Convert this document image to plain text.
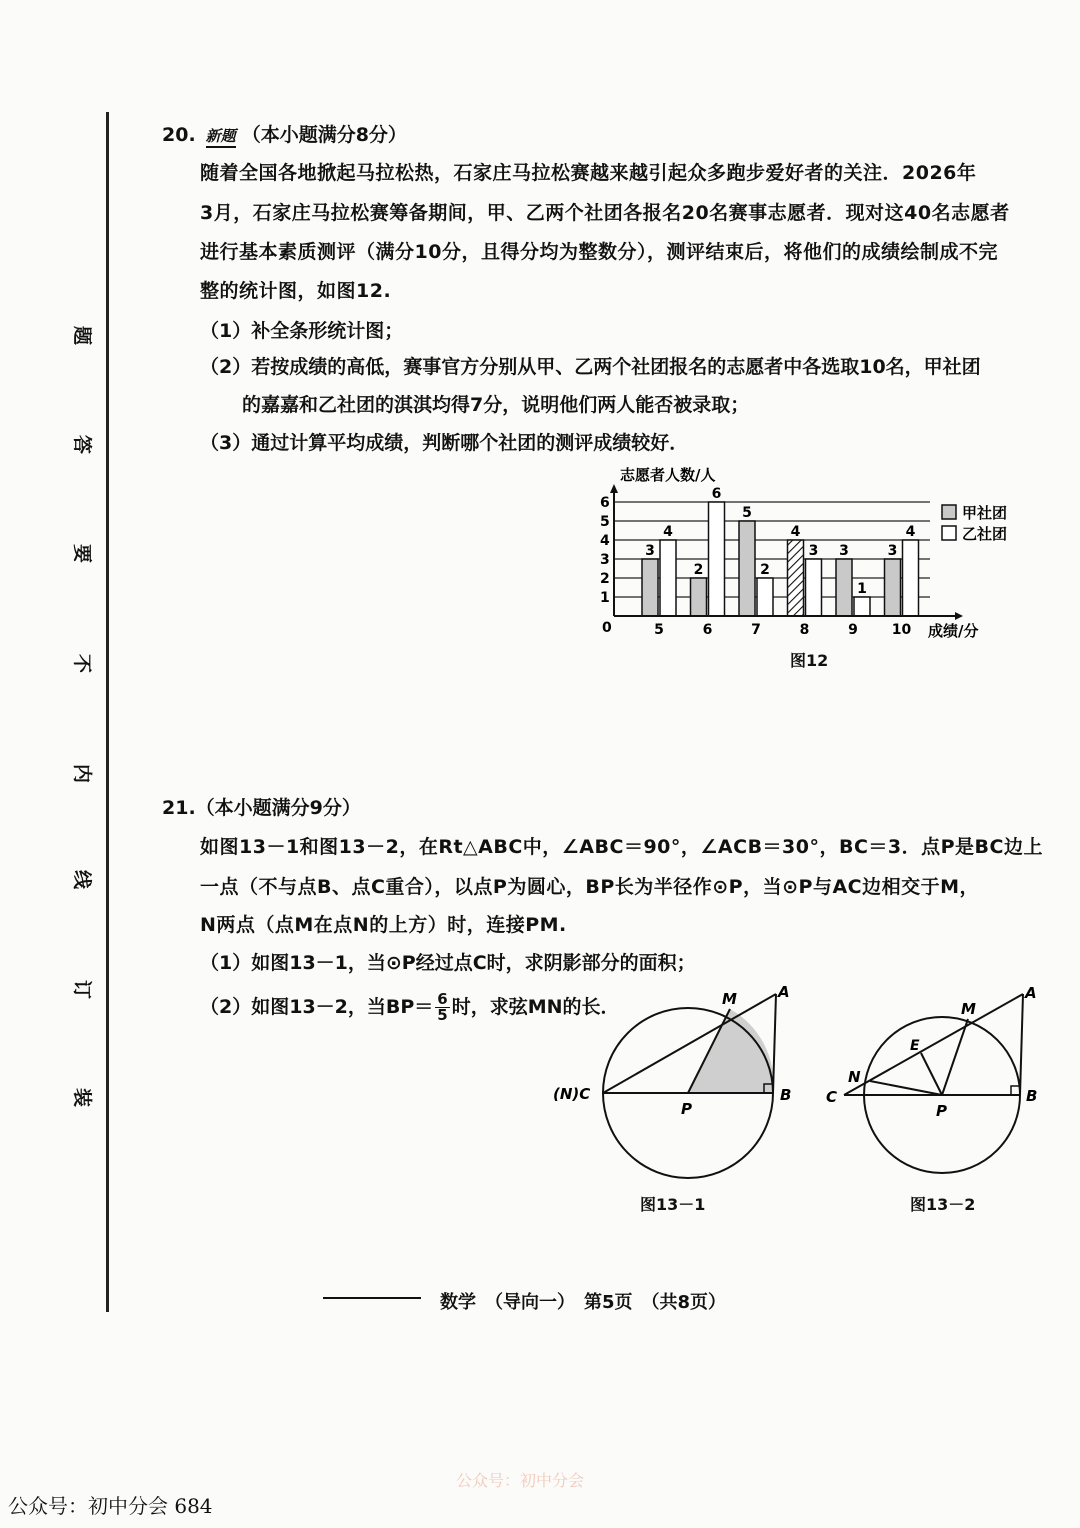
题
答
要
不
内
线
订
装
20. 新题 （本小题满分8分）
随着全国各地掀起马拉松热，石家庄马拉松赛越来越引起众多跑步爱好者的关注．2026年
3月，石家庄马拉松赛筹备期间，甲、乙两个社团各报名20名赛事志愿者．现对这40名志愿者
进行基本素质测评（满分10分，且得分均为整数分），测评结束后，将他们的成绩绘制成不完
整的统计图，如图12.
（1）补全条形统计图；
（2）若按成绩的高低，赛事官方分别从甲、乙两个社团报名的志愿者中各选取10名，甲社团
的嘉嘉和乙社团的淇淇均得7分，说明他们两人能否被录取；
（3）通过计算平均成绩，判断哪个社团的测评成绩较好．
3
4
2
6
5
2
4
3 3
1
3
4
1
2
3
4
5
6
5	6	7	8	9 10
志愿者人数/人
成绩/分
0
甲社团
乙社团
图12
21.（本小题满分9分）
如图13－1和图13－2，在Rt△ABC中，∠ABC＝90°，∠ACB＝30°，BC＝3．点P是BC边上
一点（不与点B、点C重合），以点P为圆心，BP长为半径作⊙P，当⊙P与AC边相交于M，
N两点（点M在点N的上方）时，连接PM.
（1）如图13－1，当⊙P经过点C时，求阴影部分的面积；
（2）如图13－2，当$BP= \frac{6}{5}$ 时，求弦MN的长．
(N)C
P
B
M	A
图13－1
C
N
P
B
M
A
E
图13－2
数学　（导向一）　第5页　（共8页）
公众号：初中分会 684
公众号：初中分会
